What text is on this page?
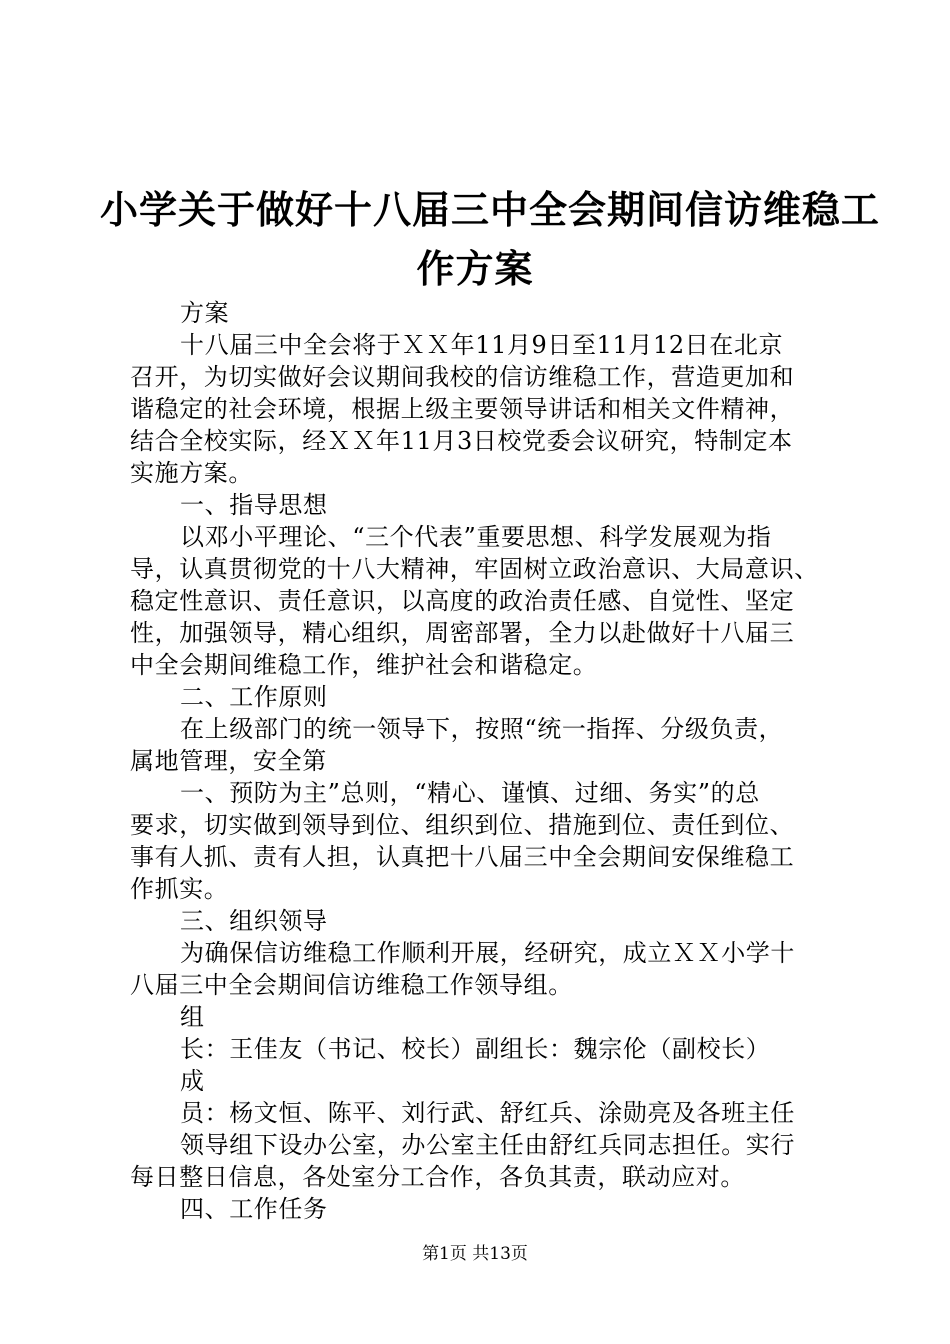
小学关于做好十八届三中全会期间信访维稳工
作方案
方案
十八届三中全会将于ＸＸ年11月9日至11月12日在北京
召开，为切实做好会议期间我校的信访维稳工作，营造更加和
谐稳定的社会环境，根据上级主要领导讲话和相关文件精神，
结合全校实际，经ＸＸ年11月3日校党委会议研究，特制定本
实施方案。
一、指导思想
以邓小平理论、“三个代表”重要思想、科学发展观为指
导，认真贯彻党的十八大精神，牢固树立政治意识、大局意识、
稳定性意识、责任意识，以高度的政治责任感、自觉性、坚定
性，加强领导，精心组织，周密部署，全力以赴做好十八届三
中全会期间维稳工作，维护社会和谐稳定。
二、工作原则
在上级部门的统一领导下，按照“统一指挥、分级负责，
属地管理，安全第
一、预防为主”总则，“精心、谨慎、过细、务实”的总
要求，切实做到领导到位、组织到位、措施到位、责任到位、
事有人抓、责有人担，认真把十八届三中全会期间安保维稳工
作抓实。
三、组织领导
为确保信访维稳工作顺利开展，经研究，成立ＸＸ小学十
八届三中全会期间信访维稳工作领导组。
组
长：王佳友（书记、校长）副组长：魏宗伦（副校长）
成
员：杨文恒、陈平、刘行武、舒红兵、涂勋亮及各班主任
领导组下设办公室，办公室主任由舒红兵同志担任。实行
每日整日信息，各处室分工合作，各负其责，联动应对。
四、工作任务
第1页 共13页
